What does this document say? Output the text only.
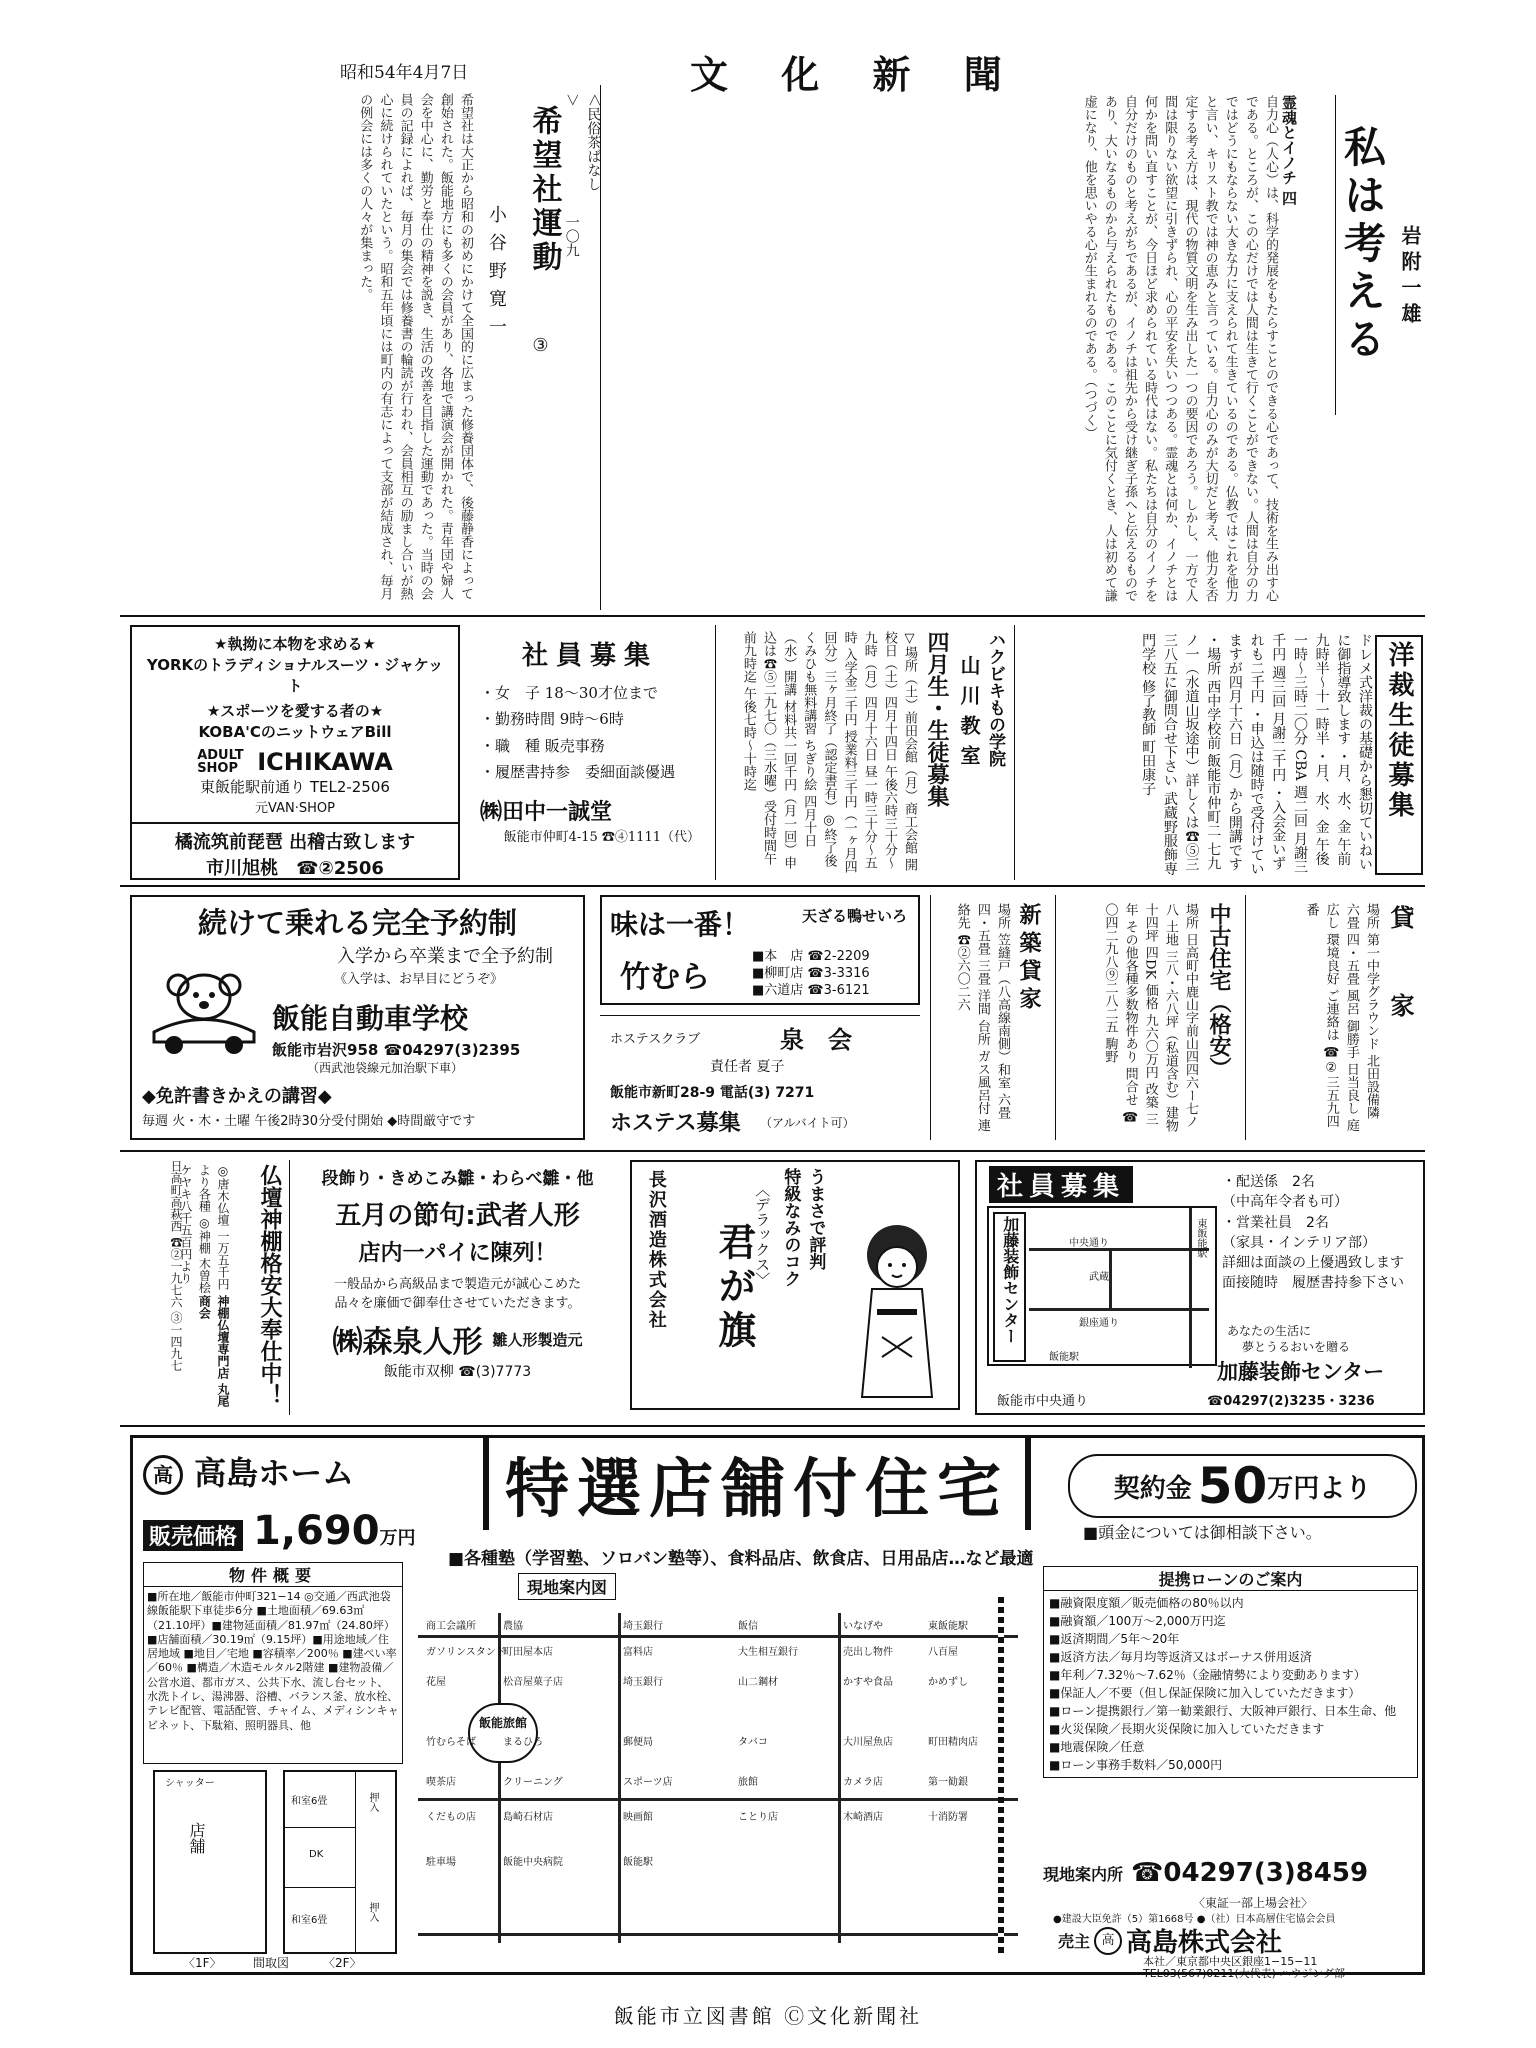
昭和54年4月7日	文 化 新 聞
私は考える 岩附一雄
霊魂とイノチ 四
自力心（人心）は、科学的発展をもたらすことのできる心であって、技術を生み出す心である。ところが、この心だけでは人間は生きて行くことができない。人間は自分の力ではどうにもならない大きな力に支えられて生きているのである。仏教ではこれを他力と言い、キリスト教では神の恵みと言っている。自力心のみが大切だと考え、他力を否定する考え方は、現代の物質文明を生み出した一つの要因であろう。しかし、一方で人間は限りない欲望に引きずられ、心の平安を失いつつある。霊魂とは何か、イノチとは何かを問い直すことが、今日ほど求められている時代はない。私たちは自分のイノチを自分だけのものと考えがちであるが、イノチは祖先から受け継ぎ子孫へと伝えるものであり、大いなるものから与えられたものである。このことに気付くとき、人は初めて謙虚になり、他を思いやる心が生まれるのである。（つづく）
＜民俗茶ばなし＞
一〇九
希望社運動
③
小谷野寛一
希望社は大正から昭和の初めにかけて全国的に広まった修養団体で、後藤静香によって創始された。飯能地方にも多くの会員があり、各地で講演会が開かれた。青年団や婦人会を中心に、勤労と奉仕の精神を説き、生活の改善を目指した運動であった。当時の会員の記録によれば、毎月の集会では修養書の輪読が行われ、会員相互の励まし合いが熱心に続けられていたという。昭和五年頃には町内の有志によって支部が結成され、毎月の例会には多くの人々が集まった。
★執拗に本物を求める★
YORKのトラディショナルスーツ・ジャケット
★スポーツを愛する者の★
KOBA'CのニットウェアBill
ADULT SHOP ICHIKAWA
東飯能駅前通り TEL2-2506
元VAN·SHOP
橘流筑前琵琶 出稽古致します
市川旭桃　 ☎②2506
社員募集
・女　子 18〜30才位まで
・勤務時間 9時〜6時
・職　種 販売事務
・履歴書持参　委細面談優遇
㈱田中一誠堂
飯能市仲町4-15 ☎④1111（代）
ハクビキもの学院
山川教室
四月生・生徒募集
▽場所（土）前田会館（月）商工会館 開校日（土）四月十四日 午後六時三十分〜九時（月）四月十六日 昼一時三十分〜五時 入学金二千円 授業料三千円（一ヶ月四回分）三ヶ月終了（認定書有）◎終了後くみひも無料講習 ちぎり絵 四月十日（水）開講 材料共一回千円（月一回）申込は☎⑤二九七〇（三水曜）受付時間午前九時迄 午後七時〜十時迄	洋裁生徒募集
ドレメ式洋裁の基礎から懇切ていねいに御指導致します ・月、水、金 午前九時半〜十一時半 ・月、水、金 午後一時〜三時二〇分 CBA 週二回 月謝三千円 週三回 月謝二千円 ・入会金いずれも二千円 ・申込は随時で受付けていますが四月十六日（月）から開講です ・場所 西中学校前 飯能市仲町二 七九ノ一（水道山坂途中）詳しくは☎⑤三三八五に御問合せ下さい 武蔵野服飾専門学校 修了教師 町田康子
続けて乗れる完全予約制
入学から卒業まで全予約制
《入学は、お早目にどうぞ》
飯能自動車学校
飯能市岩沢958 ☎04297(3)2395
（西武池袋線元加治駅下車）
◆免許書きかえの講習◆
毎週 火・木・土曜 午後2時30分受付開始 ◆時間厳守です
味は一番！	天ざる鴨せいろ
竹むら
■本　店 ☎2-2209
■柳町店 ☎3-3316
■六道店 ☎3-6121
ホステスクラブ	泉　会
責任者 夏子
飯能市新町28-9 電話(3) 7271
ホステス募集 （アルバイト可）
新築貸家
場所 笠縫戸（八高線南側）和室 六畳 四・五畳 三畳 洋間 台所 ガス風呂付 連絡先 ☎②六〇二六	中古住宅（格安）
場所 日高町中鹿山字前山四四六ー七ノ八 土地 三八・六八坪（私道含む）建物 十四坪 四DK 価格 九六〇万円 改築 三年 その他各種多数物件あり 問合せ ☎〇四二九八⑨二八二五 駒野	貸　家
場所 第一中学グラウンド 北田設備隣 六畳 四・五畳 風呂 御勝手 日当良し 庭広し 環境良好 ご連絡は ☎②三五九四番
仏壇神棚格安大奉仕中！
◎唐木仏壇 一万五千円より各種 ◎神棚 木曽桧 ケヤキ八千五百円より
神棚仏壇専門店 丸尾商会
日高町高萩西 ☎②一九七六 ③一四九七	段飾り・きめこみ雛・わらべ雛・他
五月の節句:武者人形
店内一パイに陳列！
一般品から高級品まで製造元が誠心こめた
品々を廉価で御奉仕させていただきます。
㈱森泉人形 雛人形製造元
飯能市双柳 ☎(3)7773
うまさで評判
特級なみのコク
〈デラックス〉
君が旗
長沢酒造株式会社	社員募集	・配送係　2名
（中高年令者も可）
・営業社員　2名
（家具・インテリア部）
詳細は面談の上優遇致します
面接随時　履歴書持参下さい
加藤装飾センター	東飯能駅
中央通り
武蔵
銀座通り
飯能駅
あなたの生活に
夢とうるおいを贈る
加藤装飾センター
飯能市中央通り	☎04297(2)3235・3236
高 高島ホーム	特選店舗付住宅	契約金 50 万円より
■頭金については御相談下さい。
販売価格 1,690 万円
■各種塾（学習塾、ソロバン塾等）、食料品店、飲食店、日用品店…など最適
物件概要
■所在地／飯能市仲町321−14 ◎交通／西武池袋線飯能駅下車徒歩6分 ■土地面積／69.63㎡（21.10坪）■建物延面積／81.97㎡（24.80坪）■店舗面積／30.19㎡（9.15坪）■用途地域／住居地域 ■地目／宅地 ■容積率／200％ ■建ぺい率／60％ ■構造／木造モルタル2階建 ■建物設備／公営水道、都市ガス、公共下水、流し台セット、水洗トイレ、湯沸器、浴槽、バランス釜、放水栓、テレビ配管、電話配管、チャイム、メディシンキャビネット、下駄箱、照明器具、他
店舗
シャッター
和室6畳
DK
和室6畳
押入
押入
〈1F〉	間取図	〈2F〉
現地案内図
飯能旅館
商工会議所	農協	埼玉銀行	飯信	いなげや	東飯能駅
ガソリンスタンド
町田屋本店	富料店	大生相互銀行	売出し物件	八百屋
花屋	松音屋菓子店	埼玉銀行	山二鋼材	かすや食品	かめずし
竹むらそば	まるひろ	郵便局	タバコ	大川屋魚店	町田精肉店
喫茶店	クリーニング	スポーツ店	旅館	カメラ店	第一勧銀
くだもの店	島崎石材店	映画館	ことり店	木崎酒店	十消防署
駐車場	飯能中央病院	飯能駅
提携ローンのご案内
■融資限度額／販売価格の80％以内
■融資額／100万〜2,000万円迄
■返済期間／5年〜20年
■返済方法／毎月均等返済又はボーナス併用返済
■年利／7.32％〜7.62％（金融情勢により変動あります）
■保証人／不要（但し保証保険に加入していただきます）
■ローン提携銀行／第一勧業銀行、大阪神戸銀行、日本生命、他
■火災保険／長期火災保険に加入していただきます
■地震保険／任意
■ローン事務手数料／50,000円
現地案内所 ☎04297(3)8459
〈東証一部上場会社〉
●建設大臣免許（5）第1668号 ●（社）日本高層住宅協会会員
売主 高 高島株式会社
本社／東京都中央区銀座1−15−11
TEL03(567)0211(大代表) ハウジング部
飯能市立図書館 Ⓒ文化新聞社
